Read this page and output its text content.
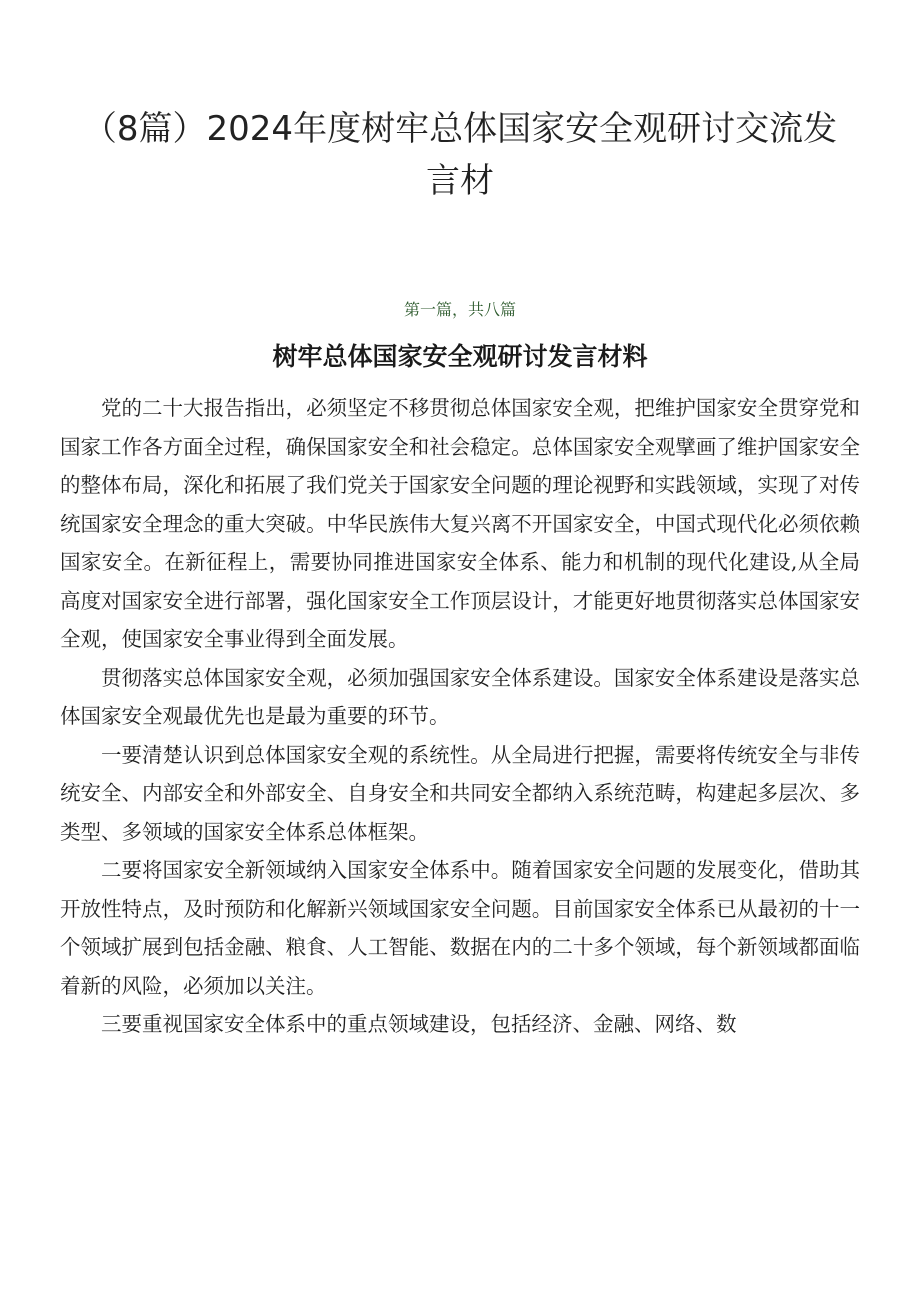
（8篇）2024年度树牢总体国家安全观研讨交流发
言材
第一篇，共八篇
树牢总体国家安全观研讨发言材料

党的二十大报告指出，必须坚定不移贯彻总体国家安全观，把维护国家安全贯穿党和国家工作各方面全过程，确保国家安全和社会稳定。总体国家安全观擘画了维护国家安全的整体布局，深化和拓展了我们党关于国家安全问题的理论视野和实践领域，实现了对传统国家安全理念的重大突破。中华民族伟大复兴离不开国家安全，中国式现代化必须依赖国家安全。在新征程上，需要协同推进国家安全体系、能力和机制的现代化建设,从全局高度对国家安全进行部署，强化国家安全工作顶层设计，才能更好地贯彻落实总体国家安全观，使国家安全事业得到全面发展。

贯彻落实总体国家安全观，必须加强国家安全体系建设。国家安全体系建设是落实总体国家安全观最优先也是最为重要的环节。

一要清楚认识到总体国家安全观的系统性。从全局进行把握，需要将传统安全与非传统安全、内部安全和外部安全、自身安全和共同安全都纳入系统范畴，构建起多层次、多类型、多领域的国家安全体系总体框架。

二要将国家安全新领域纳入国家安全体系中。随着国家安全问题的发展变化，借助其开放性特点，及时预防和化解新兴领域国家安全问题。目前国家安全体系已从最初的十一个领域扩展到包括金融、粮食、人工智能、数据在内的二十多个领域，每个新领域都面临着新的风险，必须加以关注。

三要重视国家安全体系中的重点领域建设，包括经济、金融、网络、数
